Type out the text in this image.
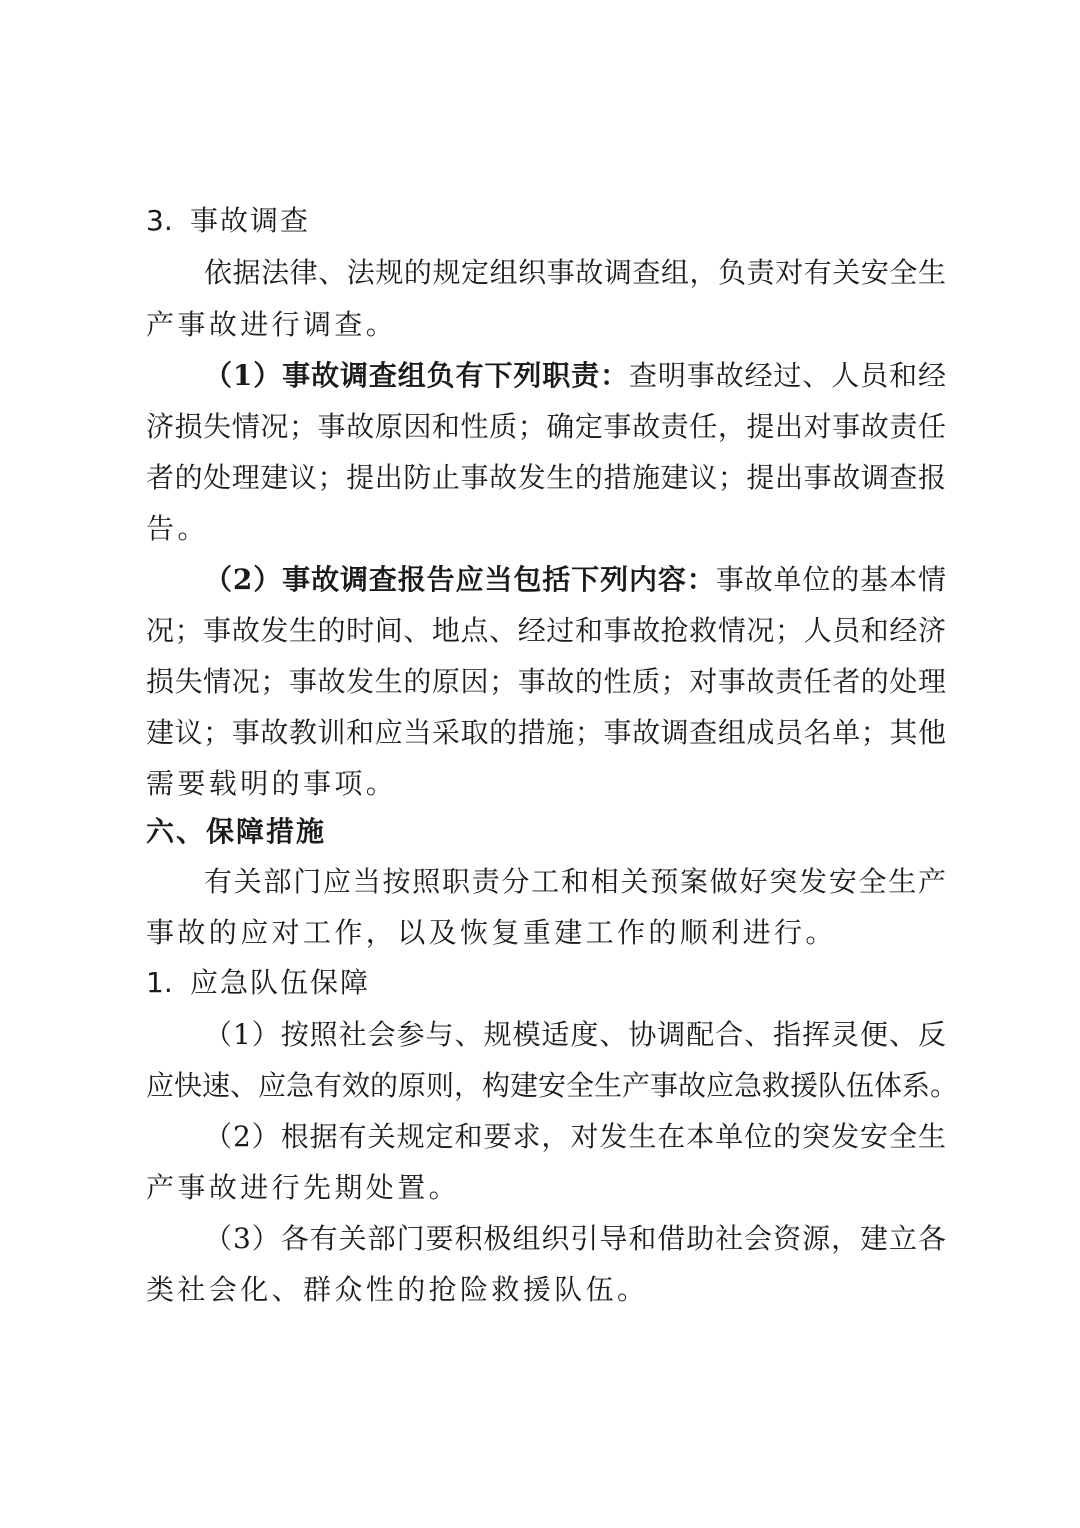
3. 事故调查
依据法律、法规的规定组织事故调查组，负责对有关安全生
产事故进行调查。
（1）事故调查组负有下列职责：查明事故经过、人员和经
济损失情况；事故原因和性质；确定事故责任，提出对事故责任
者的处理建议；提出防止事故发生的措施建议；提出事故调查报
告。
（2）事故调查报告应当包括下列内容：事故单位的基本情
况；事故发生的时间、地点、经过和事故抢救情况；人员和经济
损失情况；事故发生的原因；事故的性质；对事故责任者的处理
建议；事故教训和应当采取的措施；事故调查组成员名单；其他
需要载明的事项。
六、保障措施
有关部门应当按照职责分工和相关预案做好突发安全生产
事故的应对工作，以及恢复重建工作的顺利进行。
1. 应急队伍保障
（1）按照社会参与、规模适度、协调配合、指挥灵便、反
应快速、应急有效的原则，构建安全生产事故应急救援队伍体系。
（2）根据有关规定和要求，对发生在本单位的突发安全生
产事故进行先期处置。
（3）各有关部门要积极组织引导和借助社会资源，建立各
类社会化、群众性的抢险救援队伍。
